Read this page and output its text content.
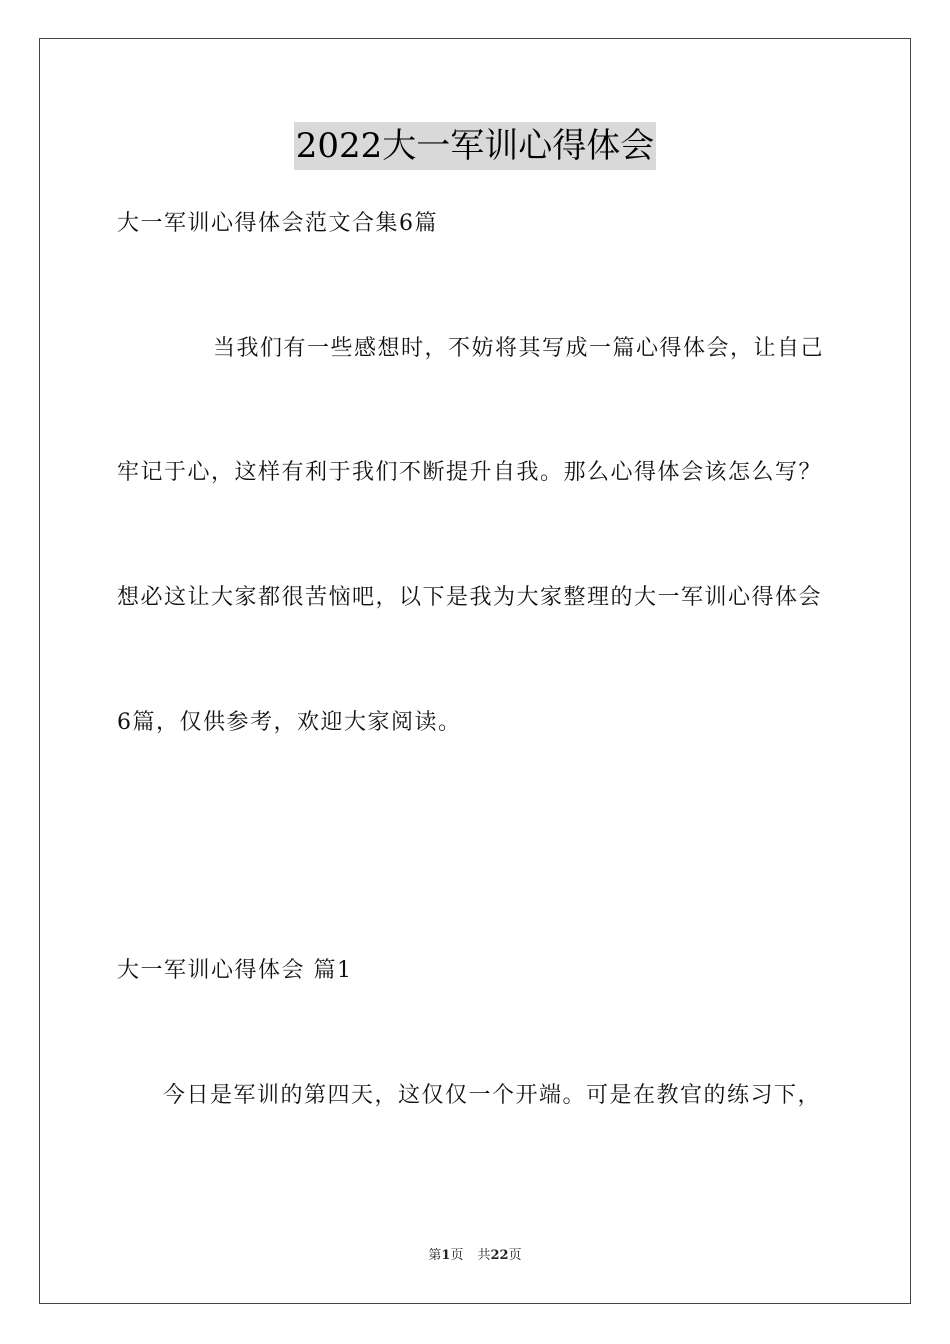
2022大一军训心得体会
大一军训心得体会范文合集6篇
当我们有一些感想时，不妨将其写成一篇心得体会，让自己
牢记于心，这样有利于我们不断提升自我。那么心得体会该怎么写？
想必这让大家都很苦恼吧，以下是我为大家整理的大一军训心得体会
6篇，仅供参考，欢迎大家阅读。
大一军训心得体会 篇1
今日是军训的第四天，这仅仅一个开端。可是在教官的练习下，
第1页 共22页
